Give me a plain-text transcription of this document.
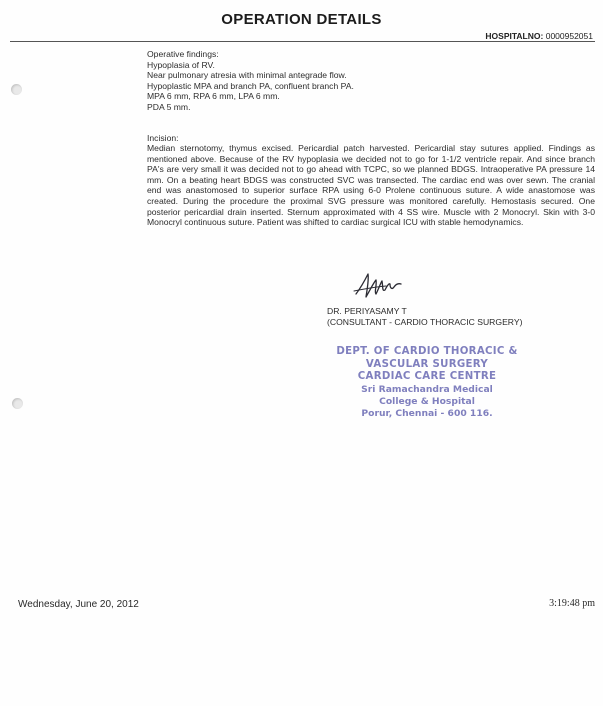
OPERATION DETAILS
HOSPITALNO: 0000952051
Operative findings:
Hypoplasia of RV.
Near pulmonary atresia with minimal antegrade flow.
Hypoplastic MPA and branch PA, confluent branch PA.
MPA 6 mm, RPA 6 mm, LPA 6 mm.
PDA 5 mm.
Incision:
Median sternotomy, thymus excised. Pericardial patch harvested. Pericardial stay sutures applied. Findings as mentioned above. Because of the RV hypoplasia we decided not to go for 1-1/2 ventricle repair. And since branch PA's are very small it was decided not to go ahead with TCPC, so we planned BDGS. Intraoperative PA pressure 14 mm. On a beating heart BDGS was constructed SVC was transected. The cardiac end was over sewn. The cranial end was anastomosed to superior surface RPA using 6-0 Prolene continuous suture. A wide anastomose was created. During the procedure the proximal SVG pressure was monitored carefully. Hemostasis secured. One posterior pericardial drain inserted. Sternum approximated with 4 SS wire. Muscle with 2 Monocryl. Skin with 3-0 Monocryl continuous suture. Patient was shifted to cardiac surgical ICU with stable hemodynamics.
DR. PERIYASAMY T
(CONSULTANT - CARDIO THORACIC SURGERY)
DEPT. OF CARDIO THORACIC &
VASCULAR SURGERY
CARDIAC CARE CENTRE
Sri Ramachandra Medical
College & Hospital
Porur, Chennai - 600 116.
Wednesday, June 20, 2012	3:19:48 pm
